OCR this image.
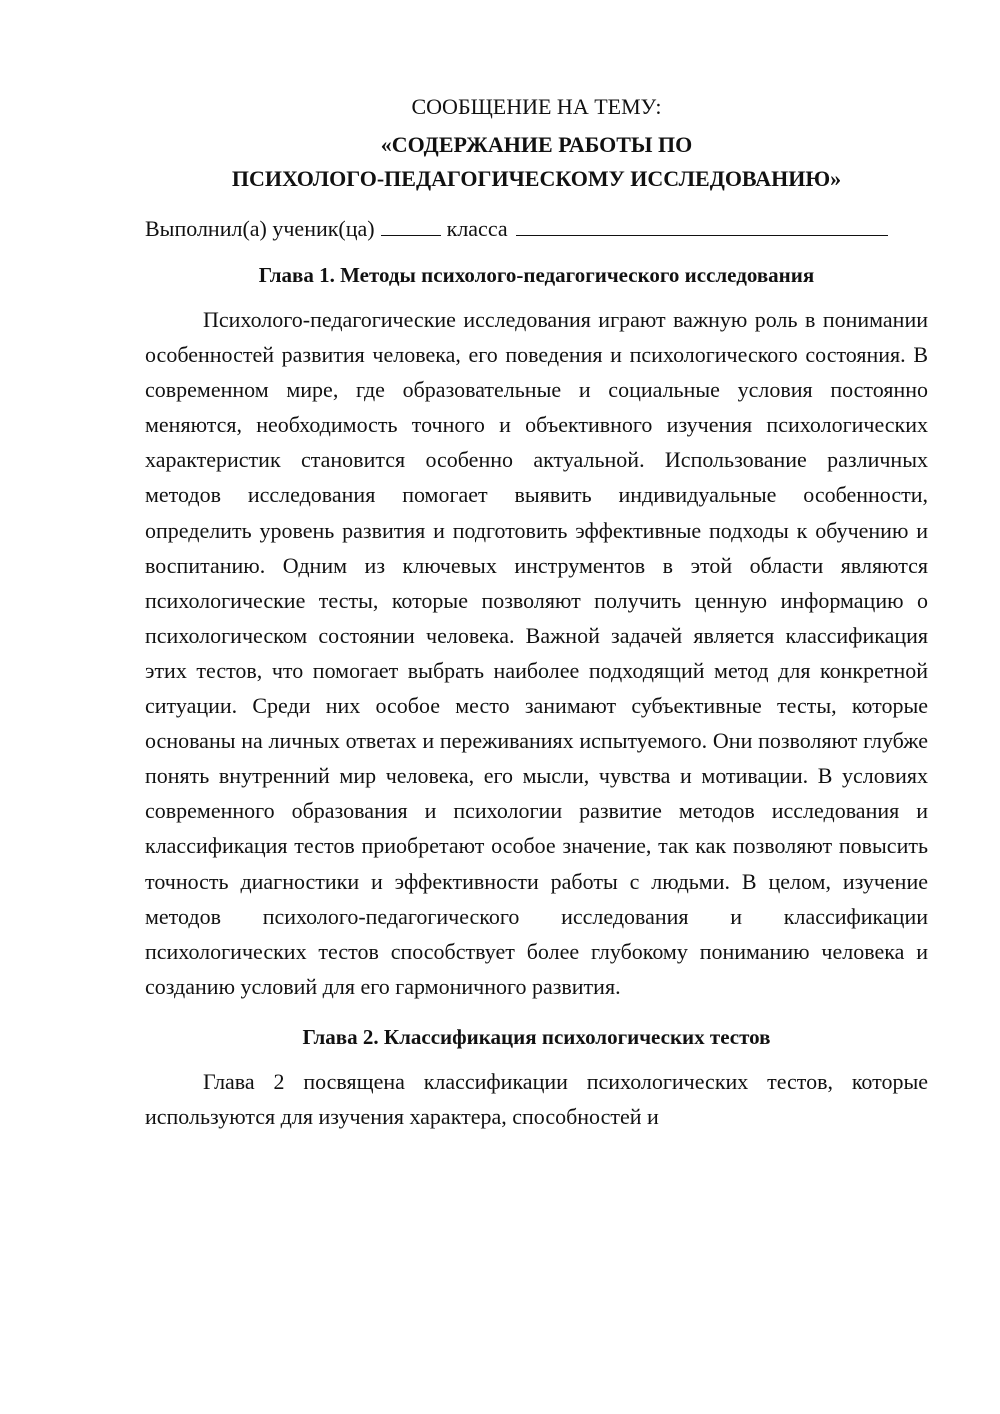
СООБЩЕНИЕ НА ТЕМУ:

«СОДЕРЖАНИЕ РАБОТЫ ПО
ПСИХОЛОГО-ПЕДАГОГИЧЕСКОМУ ИССЛЕДОВАНИЮ»

Выполнил(а) ученик(ца)	класса

Глава 1. Методы психолого-педагогического исследования

Психолого-педагогические исследования играют важную роль в понимании особенностей развития человека, его поведения и психологического состояния. В современном мире, где образовательные и социальные условия постоянно меняются, необходимость точного и объективного изучения психологических характеристик становится особенно актуальной. Использование различных методов исследования помогает выявить индивидуальные особенности, определить уровень развития и подготовить эффективные подходы к обучению и воспитанию. Одним из ключевых инструментов в этой области являются психологические тесты, которые позволяют получить ценную информацию о психологическом состоянии человека. Важной задачей является классификация этих тестов, что помогает выбрать наиболее подходящий метод для конкретной ситуации. Среди них особое место занимают субъективные тесты, которые основаны на личных ответах и переживаниях испытуемого. Они позволяют глубже понять внутренний мир человека, его мысли, чувства и мотивации. В условиях современного образования и психологии развитие методов исследования и классификация тестов приобретают особое значение, так как позволяют повысить точность диагностики и эффективности работы с людьми. В целом, изучение методов психолого-педагогического исследования и классификации психологических тестов способствует более глубокому пониманию человека и созданию условий для его гармоничного развития.

Глава 2. Классификация психологических тестов

Глава 2 посвящена классификации психологических тестов, которые используются для изучения характера, способностей и
